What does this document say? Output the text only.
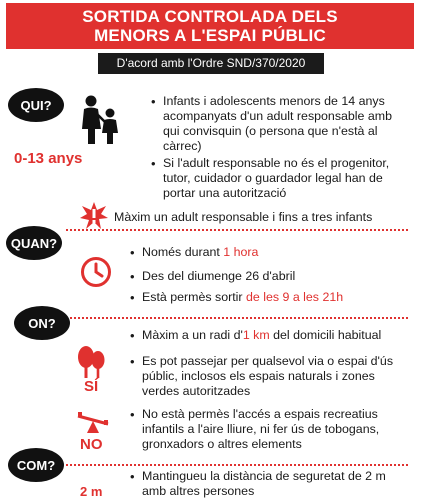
SORTIDA CONTROLADA DELS
MENORS A L'ESPAI PÚBLIC
D'acord amb l'Ordre SND/370/2020
QUI?
0-13 anys
• Infants i adolescents menors de 14 anys acompanyats d'un adult responsable amb qui convisquin (o persona que n'està al càrrec)
• Si l'adult responsable no és el progenitor, tutor, cuidador o guardador legal han de portar una autorització
Màxim un adult responsable i fins a tres infants
QUAN?
• Només durant 1 hora
• Des del diumenge 26 d'abril
• Està permès sortir de les 9 a les 21h
ON?
• Màxim a un radi d'1 km del domicili habitual
SÍ
• Es pot passejar per qualsevol via o espai d'ús públic, inclosos els espais naturals i zones verdes autoritzades
NO
• No està permès l'accés a espais recreatius infantils a l'aire lliure, ni fer ús de tobogans, gronxadors o altres elements
COM?
2 m
• Mantingueu la distància de seguretat de 2 m amb altres persones
